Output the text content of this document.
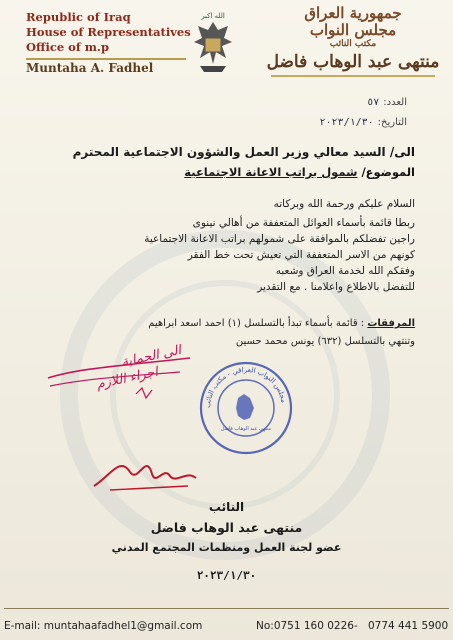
Republic of Iraq
House of Representatives
Office of m.p
Muntaha A. Fadhel
الله اكبر	جمهورية العراق
مجلس النواب
مكتب النائب
منتهى عبد الوهاب فاضل
العدد:٥٧
التاريخ:٢٠٢٣/١/٣٠
الى/ السيد معالي وزير العمل والشؤون الاجتماعية المحترم
الموضوع/ شمول براتب الاعانة الاجتماعية
السلام عليكم ورحمة الله وبركاته
ربطا قائمة بأسماء العوائل المتعففة من أهالي نينوى
راجين تفضلكم بالموافقة على شمولهم براتب الاعانة الاجتماعية
كونهم من الاسر المتعففة التي تعيش تحت خط الفقر
وفقكم الله لخدمة العراق وشعبه
للتفضل بالاطلاع واعلامنا . مع التقدير
المرفقات : قائمة بأسماء تبدأ بالتسلسل (١) احمد اسعد ابراهيم
وتنتهي بالتسلسل (٦٣٢) يونس محمد حسين
الى الحماية
اجراء اللازم
مجلس النواب العراقي - مكتب النائب
منتهى عبد الوهاب فاضل
النائب
منتهى عبد الوهاب فاضل
عضو لجنة العمل ومنظمات المجتمع المدني
٢٠٢٣/١/٣٠
E-mail: muntahaafadhel1@gmail.com	No:0751 160 0226 - 0774 441 5900
